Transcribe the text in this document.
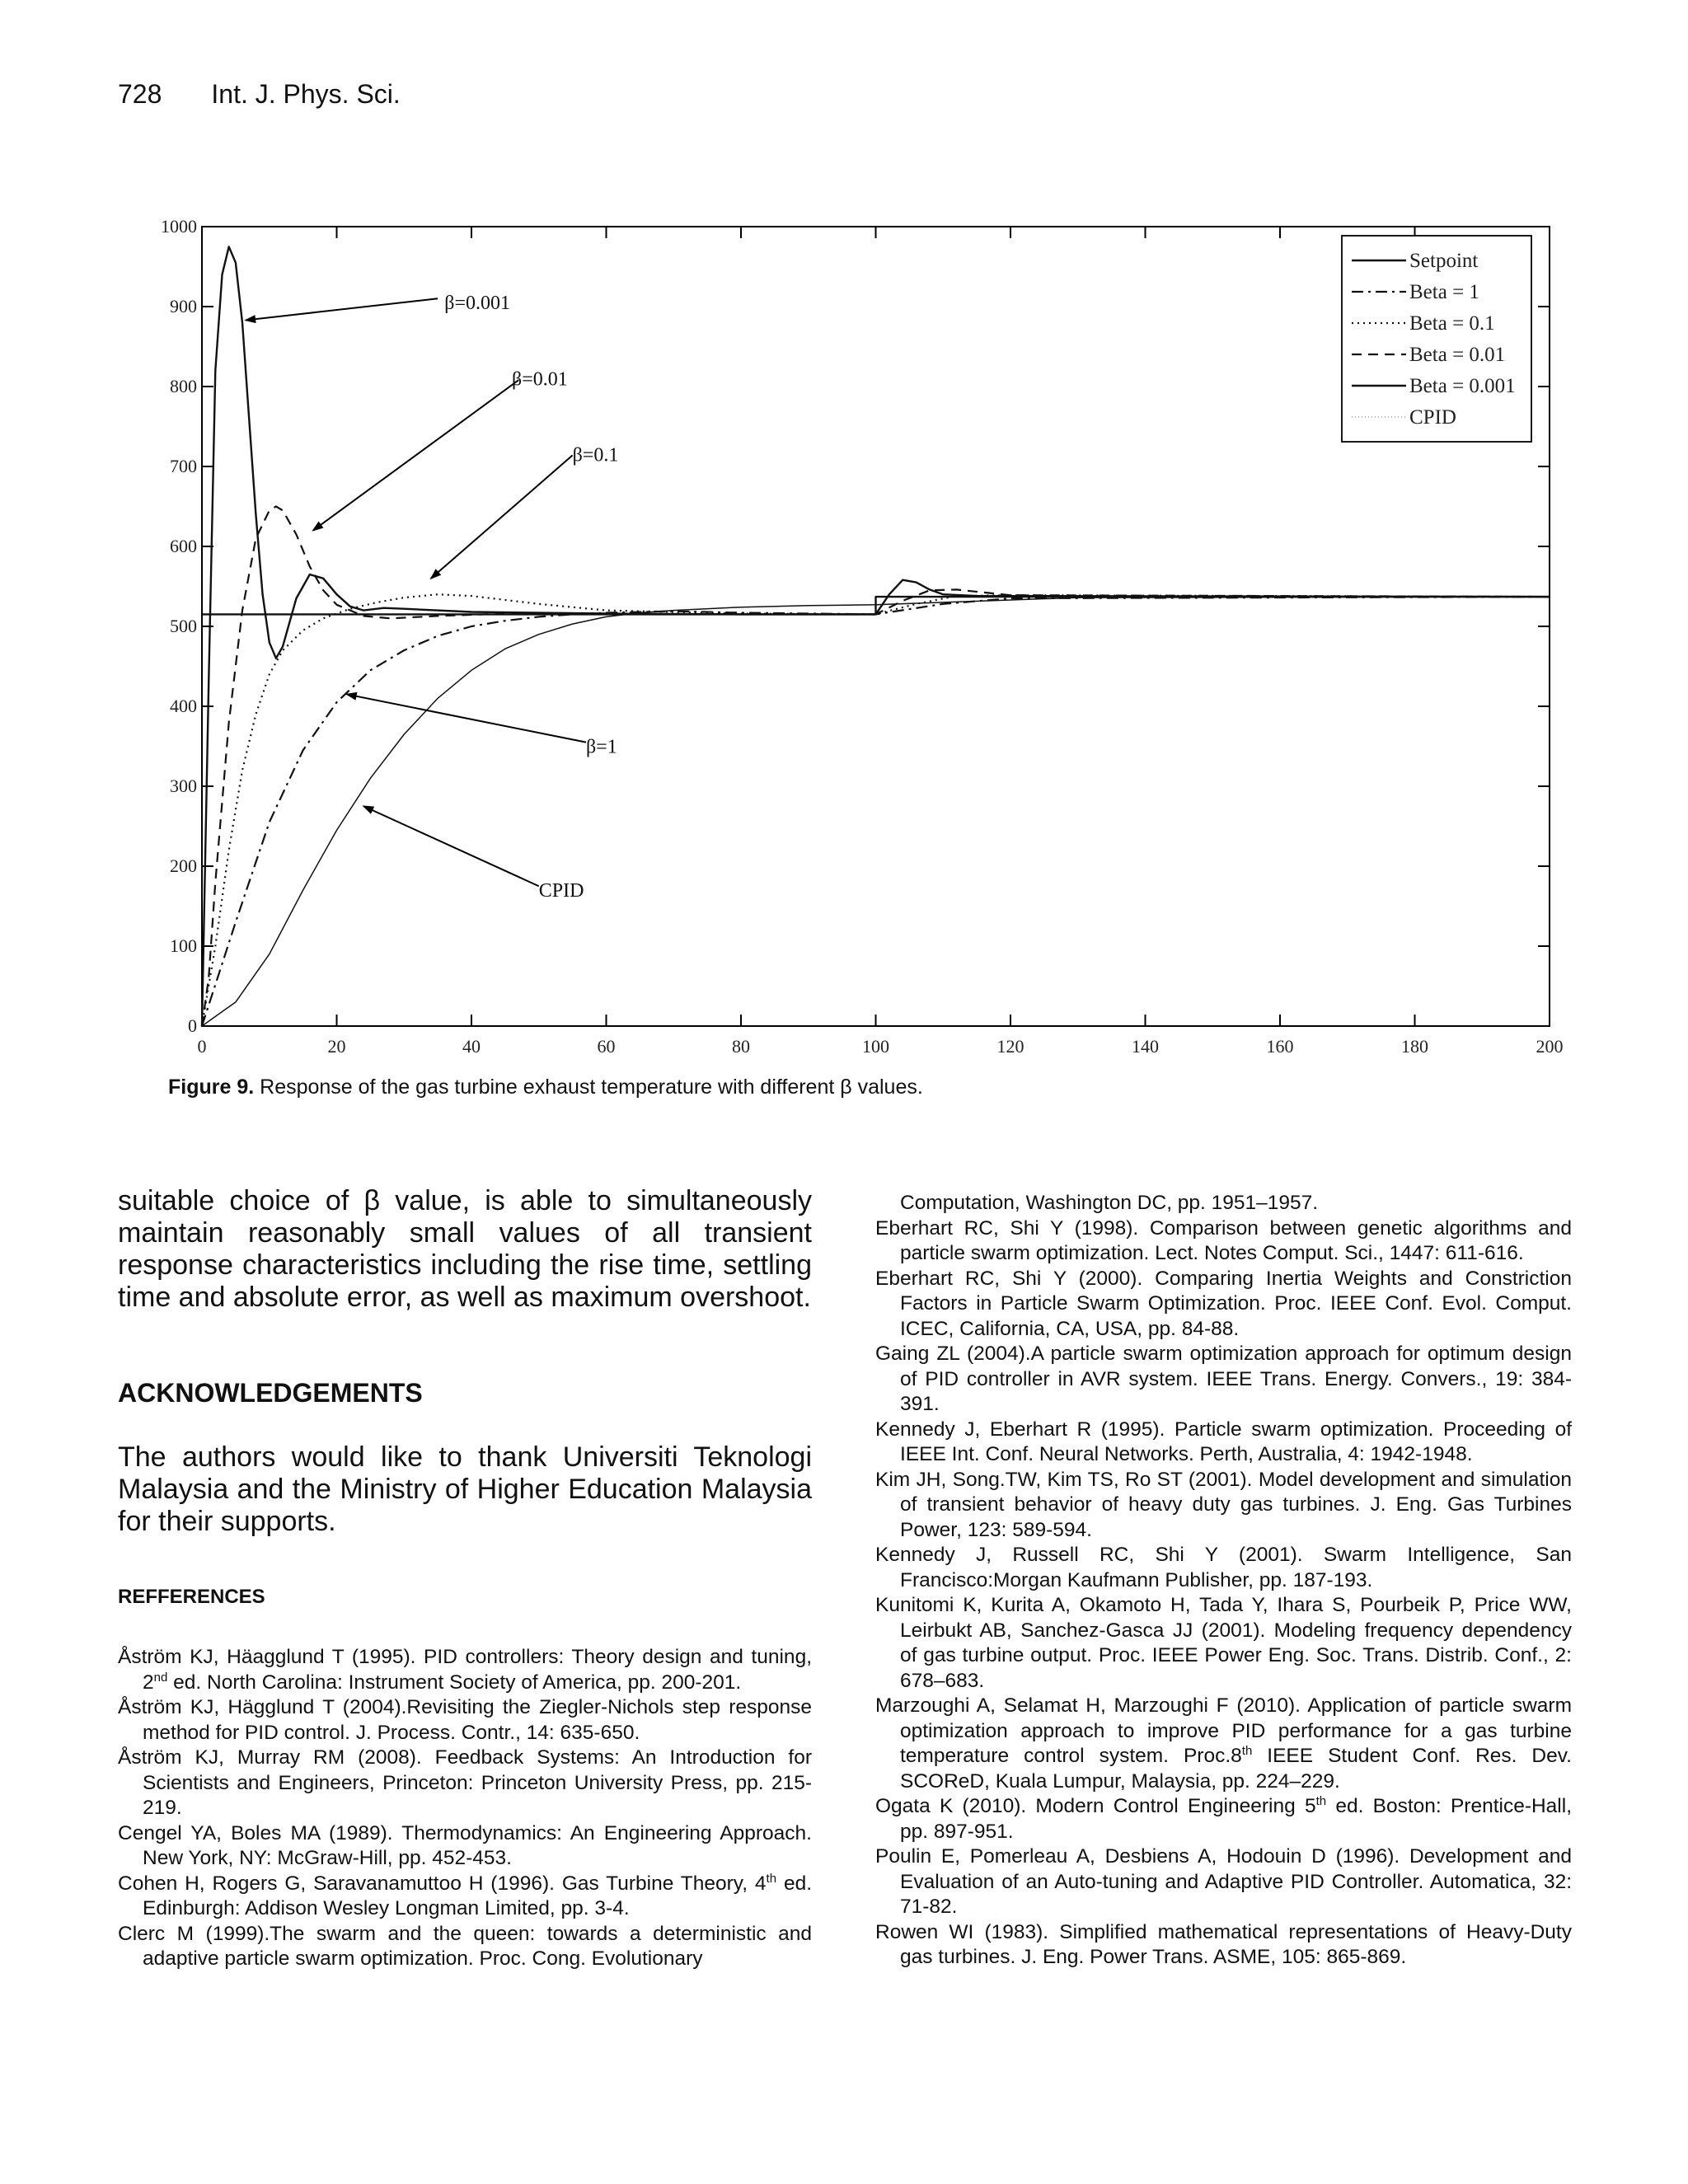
728 Int. J. Phys. Sci.
0	20	40	60	80	100	120	140	160	180	200
0
100
200
300
400
500
600
700
800
900
1000
β=0.001
β=0.01
β=0.1
β=1
CPID
Setpoint
Beta = 1
Beta = 0.1
Beta = 0.01
Beta = 0.001
CPID
Figure 9. Response of the gas turbine exhaust temperature with different β values.

suitable choice of β value, is able to simultaneously maintain reasonably small values of all transient response characteristics including the rise time, settling time and absolute error, as well as maximum overshoot.

ACKNOWLEDGEMENTS

The authors would like to thank Universiti Teknologi Malaysia and the Ministry of Higher Education Malaysia for their supports.

REFFERENCES

Åström KJ, Häagglund T (1995). PID controllers: Theory design and tuning, 2nd ed. North Carolina: Instrument Society of America, pp. 200-201.

Åström KJ, Hägglund T (2004).Revisiting the Ziegler-Nichols step response method for PID control. J. Process. Contr., 14: 635-650.

Åström KJ, Murray RM (2008). Feedback Systems: An Introduction for Scientists and Engineers, Princeton: Princeton University Press, pp. 215-219.

Cengel YA, Boles MA (1989). Thermodynamics: An Engineering Approach. New York, NY: McGraw-Hill, pp. 452-453.

Cohen H, Rogers G, Saravanamuttoo H (1996). Gas Turbine Theory, 4th ed. Edinburgh: Addison Wesley Longman Limited, pp. 3-4.

Clerc M (1999).The swarm and the queen: towards a deterministic and adaptive particle swarm optimization. Proc. Cong. Evolutionary

Computation, Washington DC, pp. 1951–1957.

Eberhart RC, Shi Y (1998). Comparison between genetic algorithms and particle swarm optimization. Lect. Notes Comput. Sci., 1447: 611-616.

Eberhart RC, Shi Y (2000). Comparing Inertia Weights and Constriction Factors in Particle Swarm Optimization. Proc. IEEE Conf. Evol. Comput. ICEC, California, CA, USA, pp. 84-88.

Gaing ZL (2004).A particle swarm optimization approach for optimum design of PID controller in AVR system. IEEE Trans. Energy. Convers., 19: 384-391.

Kennedy J, Eberhart R (1995). Particle swarm optimization. Proceeding of IEEE Int. Conf. Neural Networks. Perth, Australia, 4: 1942-1948.

Kim JH, Song.TW, Kim TS, Ro ST (2001). Model development and simulation of transient behavior of heavy duty gas turbines. J. Eng. Gas Turbines Power, 123: 589-594.

Kennedy J, Russell RC, Shi Y (2001). Swarm Intelligence, San Francisco:Morgan Kaufmann Publisher, pp. 187-193.

Kunitomi K, Kurita A, Okamoto H, Tada Y, Ihara S, Pourbeik P, Price WW, Leirbukt AB, Sanchez-Gasca JJ (2001). Modeling frequency dependency of gas turbine output. Proc. IEEE Power Eng. Soc. Trans. Distrib. Conf., 2: 678–683.

Marzoughi A, Selamat H, Marzoughi F (2010). Application of particle swarm optimization approach to improve PID performance for a gas turbine temperature control system. Proc.8th IEEE Student Conf. Res. Dev. SCOReD, Kuala Lumpur, Malaysia, pp. 224–229.

Ogata K (2010). Modern Control Engineering 5th ed. Boston: Prentice-Hall, pp. 897-951.

Poulin E, Pomerleau A, Desbiens A, Hodouin D (1996). Development and Evaluation of an Auto-tuning and Adaptive PID Controller. Automatica, 32: 71-82.

Rowen WI (1983). Simplified mathematical representations of Heavy-Duty gas turbines. J. Eng. Power Trans. ASME, 105: 865-869.
